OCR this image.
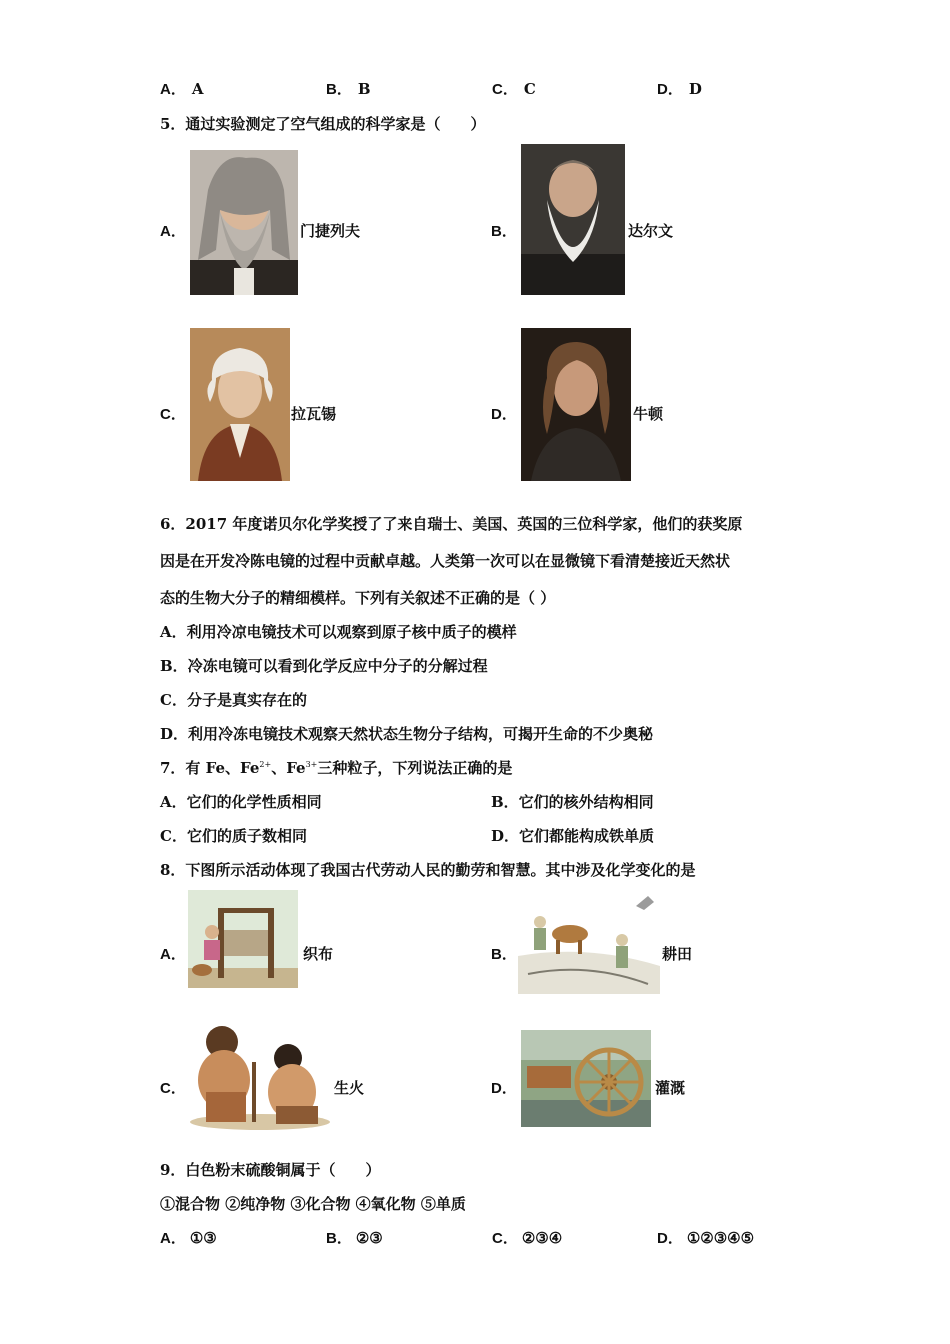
A． A	B． B	C． C	D． D
5．通过实验测定了空气组成的科学家是（　　）
A．	门捷列夫	B．	达尔文
C．	拉瓦锡	D．	牛顿
6．2017 年度诺贝尔化学奖授了了来自瑞士、美国、英国的三位科学家，他们的获奖原
因是在开发冷陈电镜的过程中贡献卓越。人类第一次可以在显微镜下看清楚接近天然状
态的生物大分子的精细模样。下列有关叙述不正确的是（ ）
A．利用冷凉电镜技术可以观察到原子核中质子的模样
B．冷冻电镜可以看到化学反应中分子的分解过程
C．分子是真实存在的
D．利用冷冻电镜技术观察天然状态生物分子结构，可揭开生命的不少奥秘
7．有 Fe、$Fe^{2+}$、$Fe^{3+}$三种粒子，下列说法正确的是
A．它们的化学性质相同	B．它们的核外结构相同
C．它们的质子数相同	D．它们都能构成铁单质
8．下图所示活动体现了我国古代劳动人民的勤劳和智慧。其中涉及化学变化的是
A．	织布	B．	耕田
C．	生火	D．	灌溉
9．白色粉末硫酸铜属于（　　）
①混合物 ②纯净物 ③化合物 ④氧化物 ⑤单质
A． ①③	B． ②③	C． ②③④	D． ①②③④⑤
